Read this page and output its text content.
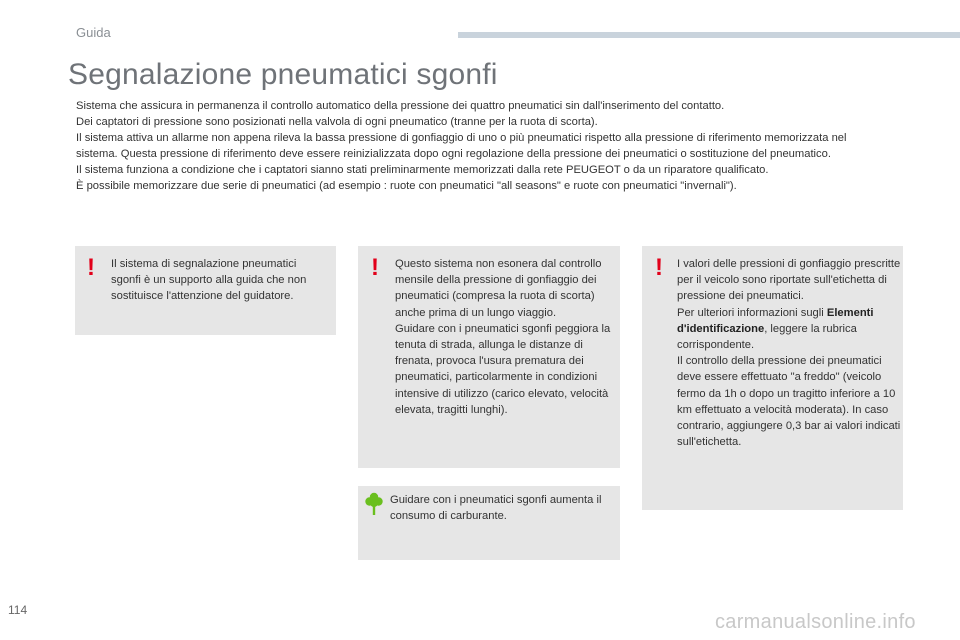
Guida
Segnalazione pneumatici sgonfi

Sistema che assicura in permanenza il controllo automatico della pressione dei quattro pneumatici sin dall'inserimento del contatto.

Dei captatori di pressione sono posizionati nella valvola di ogni pneumatico (tranne per la ruota di scorta).

Il sistema attiva un allarme non appena rileva la bassa pressione di gonfiaggio di uno o più pneumatici rispetto alla pressione di riferimento memorizzata nel sistema. Questa pressione di riferimento deve essere reinizializzata dopo ogni regolazione della pressione dei pneumatici o sostituzione del pneumatico.

Il sistema funziona a condizione che i captatori sianno stati preliminarmente memorizzati dalla rete PEUGEOT o da un riparatore qualificato.

È possibile memorizzare due serie di pneumatici (ad esempio : ruote con pneumatici "all seasons" e ruote con pneumatici "invernali").

! Il sistema di segnalazione pneumatici sgonfi è un supporto alla guida che non sostituisce l'attenzione del guidatore.

! Questo sistema non esonera dal controllo mensile della pressione di gonfiaggio dei pneumatici (compresa la ruota di scorta) anche prima di un lungo viaggio.

Guidare con i pneumatici sgonfi peggiora la tenuta di strada, allunga le distanze di frenata, provoca l'usura prematura dei pneumatici, particolarmente in condizioni intensive di utilizzo (carico elevato, velocità elevata, tragitti lunghi).

Guidare con i pneumatici sgonfi aumenta il consumo di carburante.

! I valori delle pressioni di gonfiaggio prescritte per il veicolo sono riportate sull'etichetta di pressione dei pneumatici.

Per ulteriori informazioni sugli Elementi d'identificazione, leggere la rubrica corrispondente.

Il controllo della pressione dei pneumatici deve essere effettuato "a freddo" (veicolo fermo da 1h o dopo un tragitto inferiore a 10 km effettuato a velocità moderata). In caso contrario, aggiungere 0,3 bar ai valori indicati sull'etichetta.

114
carmanualsonline.info
